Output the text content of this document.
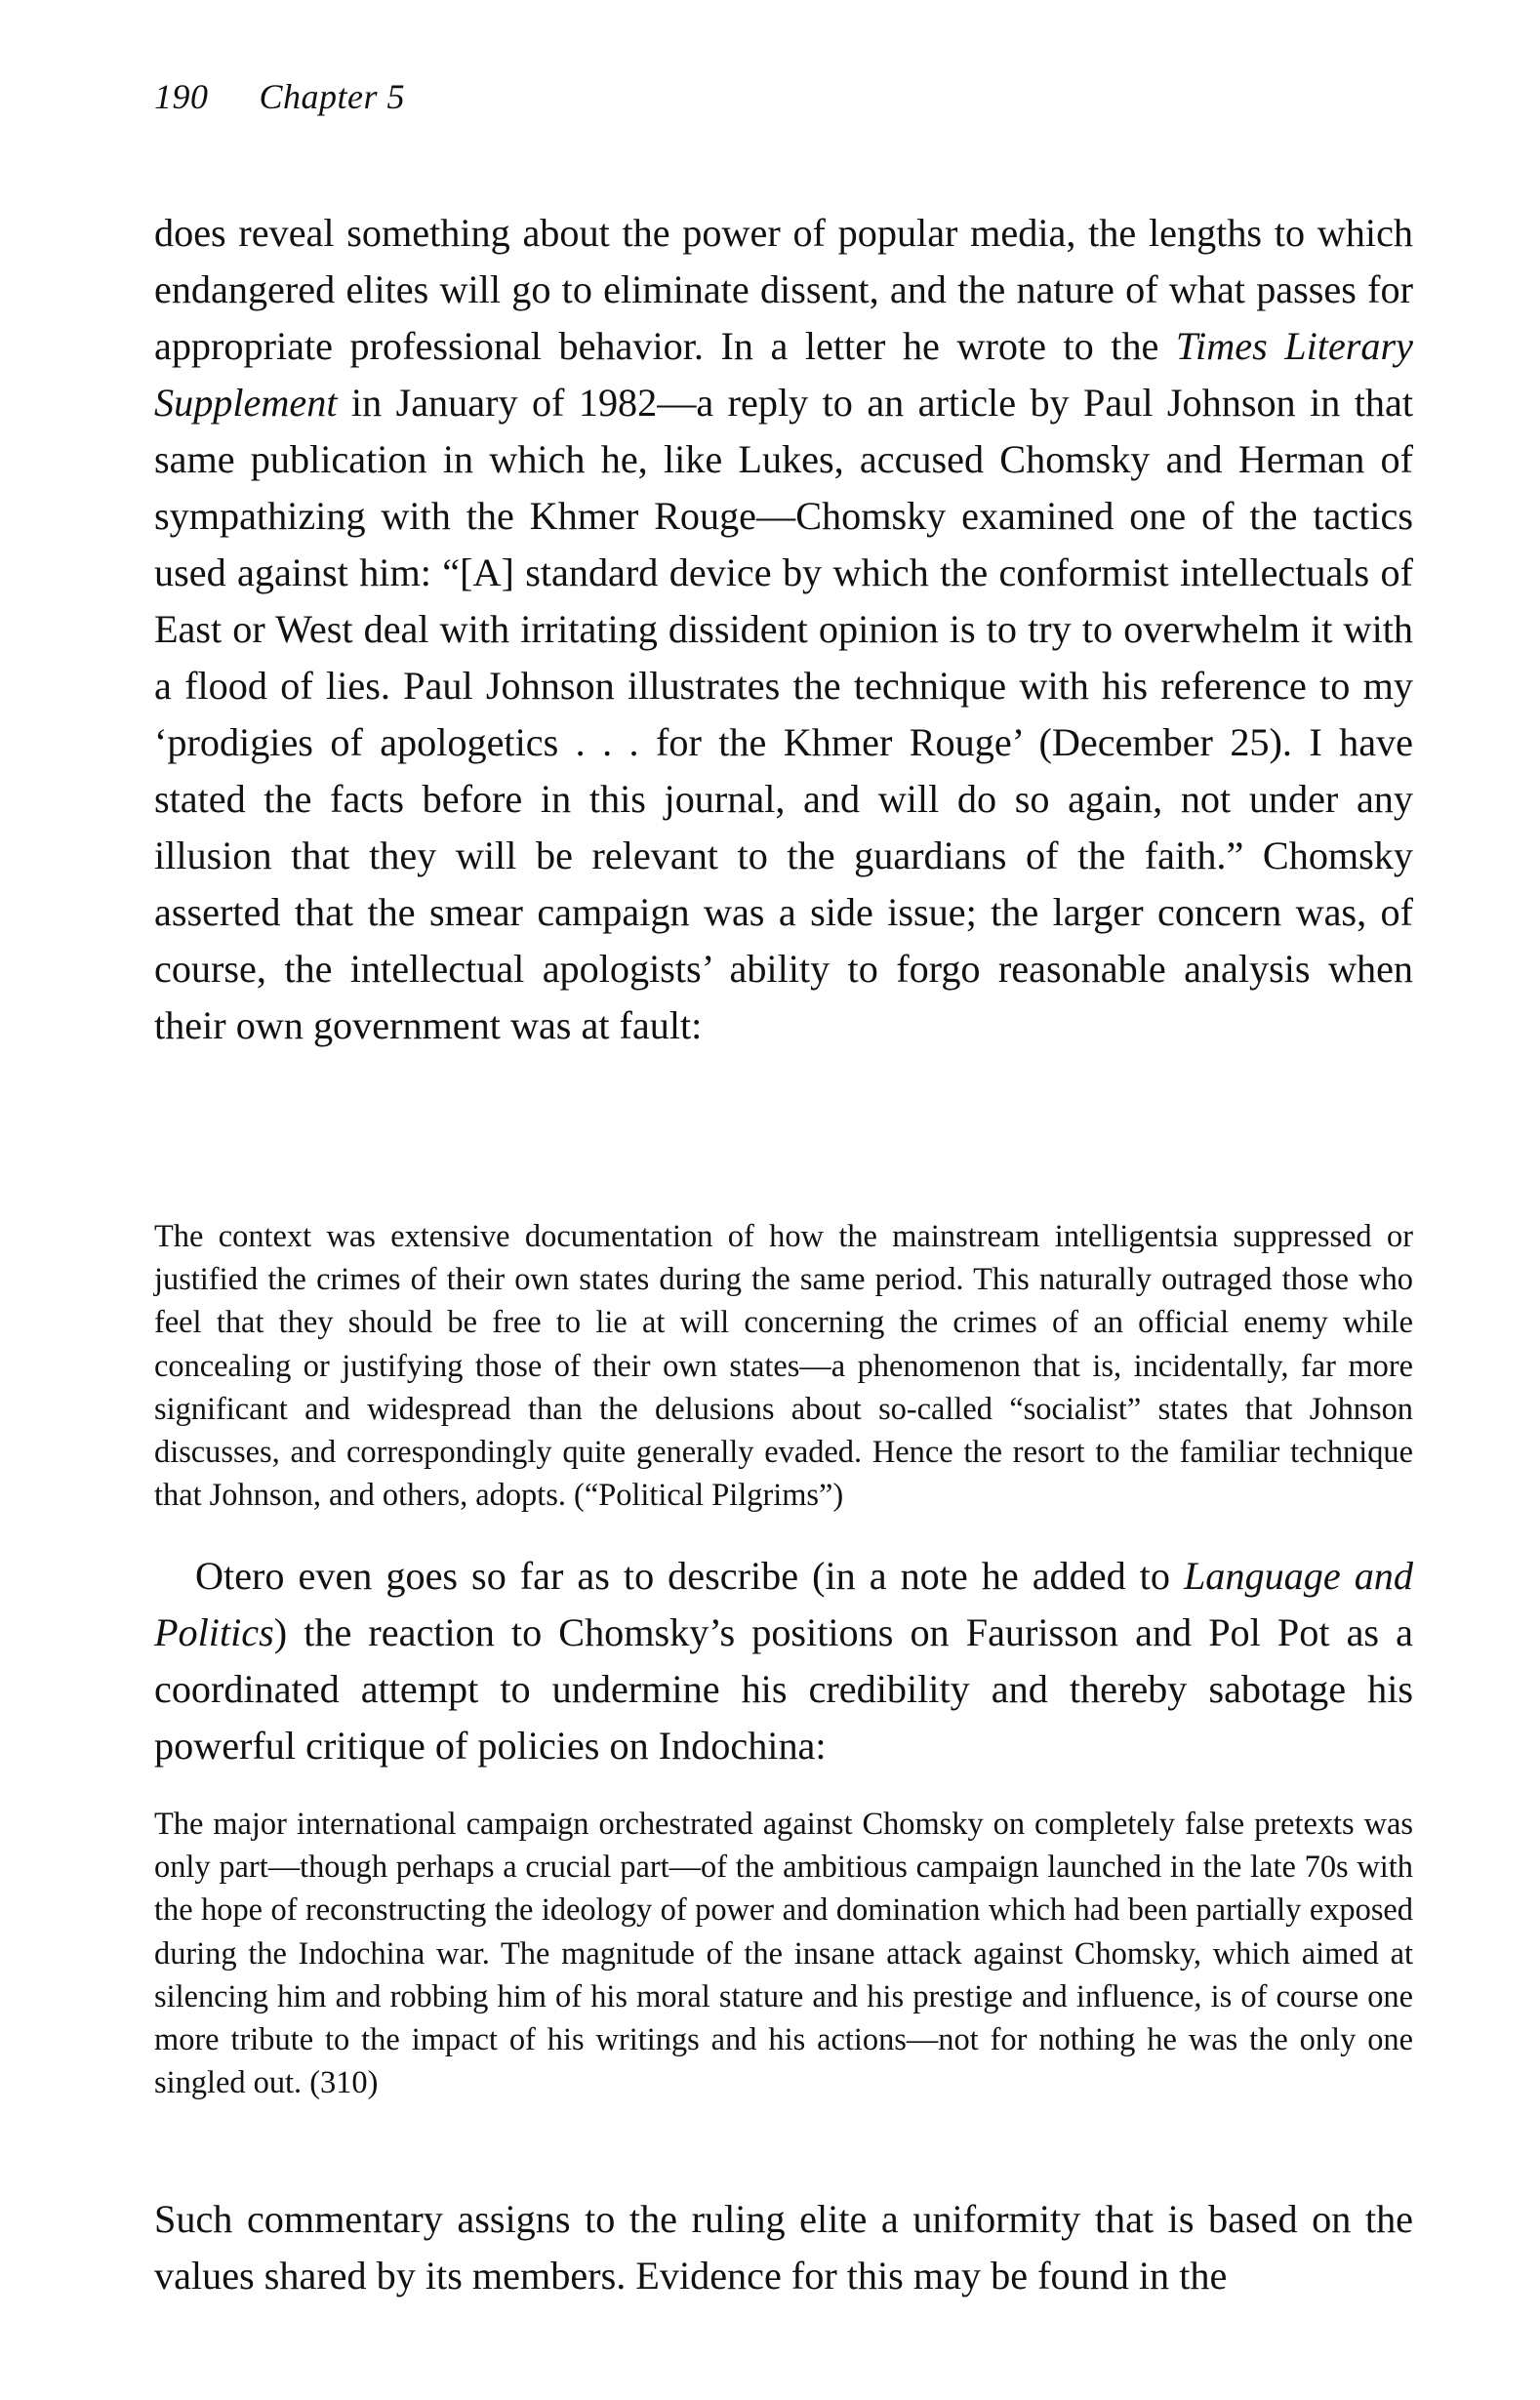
190 Chapter 5

does reveal something about the power of popular media, the lengths to which endangered elites will go to eliminate dissent, and the nature of what passes for appropriate professional behavior. In a letter he wrote to the Times Literary Supplement in January of 1982—a reply to an article by Paul Johnson in that same publication in which he, like Lukes, accused Chomsky and Herman of sympathizing with the Khmer Rouge—Chomsky examined one of the tactics used against him: “[A] standard device by which the conformist intellectuals of East or West deal with irritating dissident opinion is to try to overwhelm it with a flood of lies. Paul Johnson illustrates the technique with his reference to my ‘prodigies of apologetics . . . for the Khmer Rouge’ (December 25). I have stated the facts before in this journal, and will do so again, not under any illusion that they will be relevant to the guardians of the faith.” Chomsky asserted that the smear campaign was a side issue; the larger concern was, of course, the intellectual apologists’ ability to forgo reasonable analysis when their own government was at fault:

The context was extensive documentation of how the mainstream intelligentsia suppressed or justified the crimes of their own states during the same period. This naturally outraged those who feel that they should be free to lie at will concerning the crimes of an official enemy while concealing or justifying those of their own states—a phenomenon that is, incidentally, far more significant and widespread than the delusions about so-called “socialist” states that Johnson discusses, and correspondingly quite generally evaded. Hence the resort to the familiar technique that Johnson, and others, adopts. (“Political Pilgrims”)

Otero even goes so far as to describe (in a note he added to Language and Politics) the reaction to Chomsky’s positions on Faurisson and Pol Pot as a coordinated attempt to undermine his credibility and thereby sabotage his powerful critique of policies on Indochina:

The major international campaign orchestrated against Chomsky on completely false pretexts was only part—though perhaps a crucial part—of the ambitious campaign launched in the late 70s with the hope of reconstructing the ideology of power and domination which had been partially exposed during the Indochina war. The magnitude of the insane attack against Chomsky, which aimed at silencing him and robbing him of his moral stature and his prestige and influence, is of course one more tribute to the impact of his writings and his actions—not for nothing he was the only one singled out. (310)

Such commentary assigns to the ruling elite a uniformity that is based on the values shared by its members. Evidence for this may be found in the
